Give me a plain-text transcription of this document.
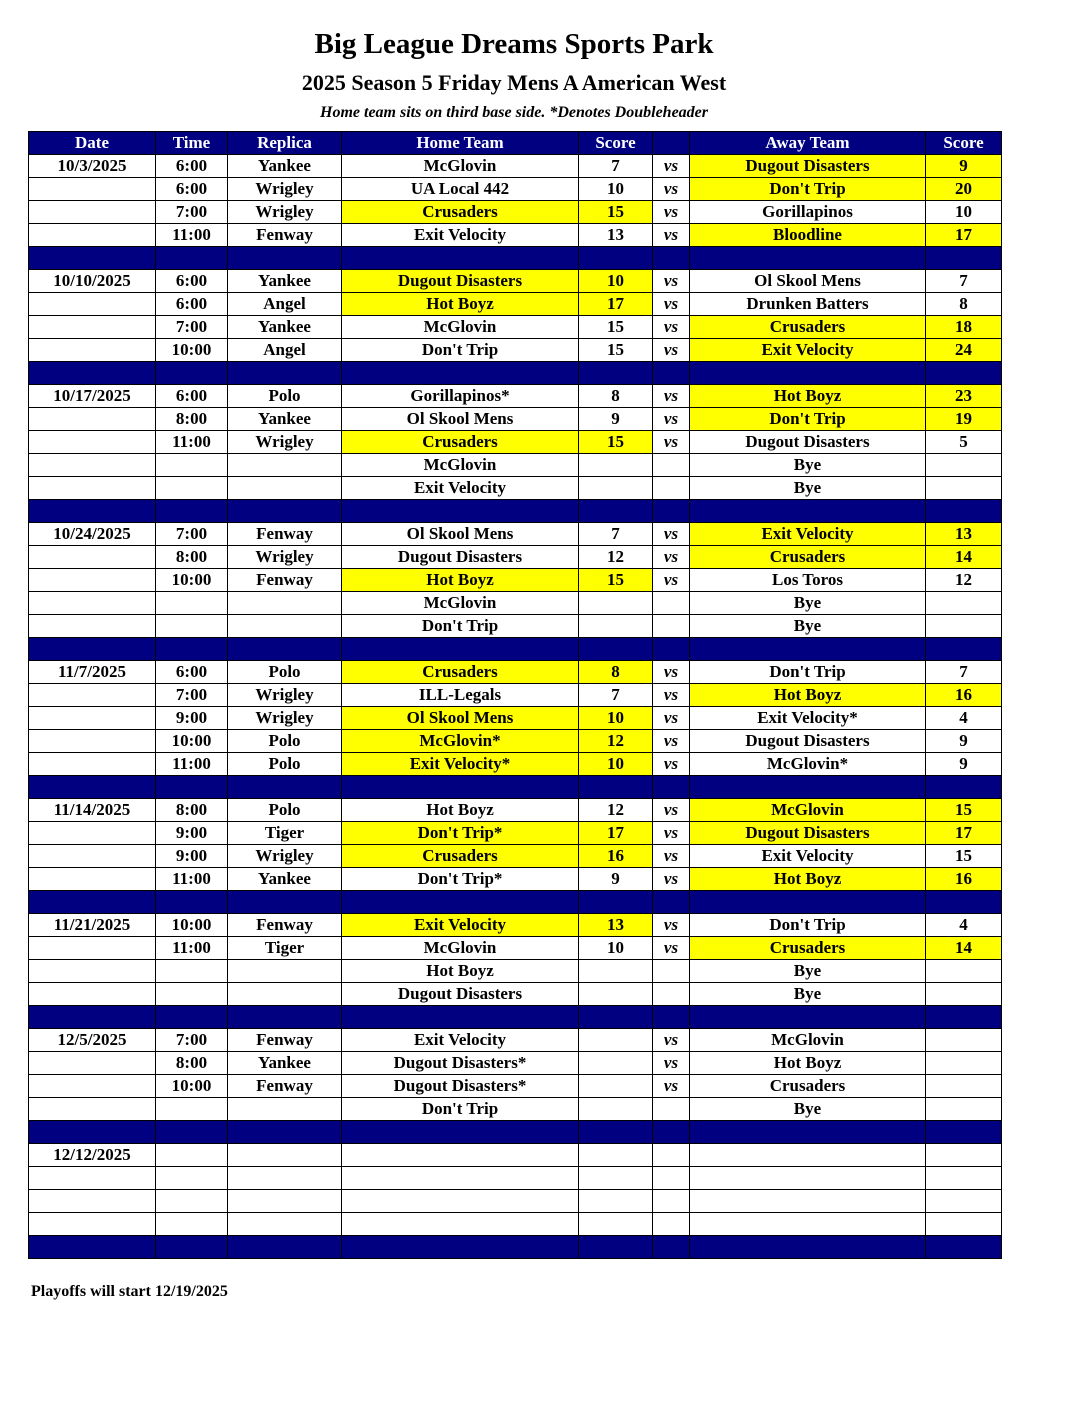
Big League Dreams Sports Park
2025 Season 5 Friday Mens A American West
Home team sits on third base side. *Denotes Doubleheader
Date	Time	Replica	Home Team	Score		Away Team	Score
10/3/2025	6:00	Yankee	McGlovin	7	vs	Dugout Disasters	9
	6:00	Wrigley	UA Local 442	10	vs	Don't Trip	20
	7:00	Wrigley	Crusaders	15	vs	Gorillapinos	10
	11:00	Fenway	Exit Velocity	13	vs	Bloodline	17

10/10/2025	6:00	Yankee	Dugout Disasters	10	vs	Ol Skool Mens	7
	6:00	Angel	Hot Boyz	17	vs	Drunken Batters	8
	7:00	Yankee	McGlovin	15	vs	Crusaders	18
	10:00	Angel	Don't Trip	15	vs	Exit Velocity	24

10/17/2025	6:00	Polo	Gorillapinos*	8	vs	Hot Boyz	23
	8:00	Yankee	Ol Skool Mens	9	vs	Don't Trip	19
	11:00	Wrigley	Crusaders	15	vs	Dugout Disasters	5
			McGlovin			Bye	
			Exit Velocity			Bye	

10/24/2025	7:00	Fenway	Ol Skool Mens	7	vs	Exit Velocity	13
	8:00	Wrigley	Dugout Disasters	12	vs	Crusaders	14
	10:00	Fenway	Hot Boyz	15	vs	Los Toros	12
			McGlovin			Bye	
			Don't Trip			Bye	

11/7/2025	6:00	Polo	Crusaders	8	vs	Don't Trip	7
	7:00	Wrigley	ILL-Legals	7	vs	Hot Boyz	16
	9:00	Wrigley	Ol Skool Mens	10	vs	Exit Velocity*	4
	10:00	Polo	McGlovin*	12	vs	Dugout Disasters	9
	11:00	Polo	Exit Velocity*	10	vs	McGlovin*	9

11/14/2025	8:00	Polo	Hot Boyz	12	vs	McGlovin	15
	9:00	Tiger	Don't Trip*	17	vs	Dugout Disasters	17
	9:00	Wrigley	Crusaders	16	vs	Exit Velocity	15
	11:00	Yankee	Don't Trip*	9	vs	Hot Boyz	16

11/21/2025	10:00	Fenway	Exit Velocity	13	vs	Don't Trip	4
	11:00	Tiger	McGlovin	10	vs	Crusaders	14
			Hot Boyz			Bye	
			Dugout Disasters			Bye	

12/5/2025	7:00	Fenway	Exit Velocity		vs	McGlovin	
	8:00	Yankee	Dugout Disasters*		vs	Hot Boyz	
	10:00	Fenway	Dugout Disasters*		vs	Crusaders	
			Don't Trip			Bye	

12/12/2025							

Playoffs will start 12/19/2025
